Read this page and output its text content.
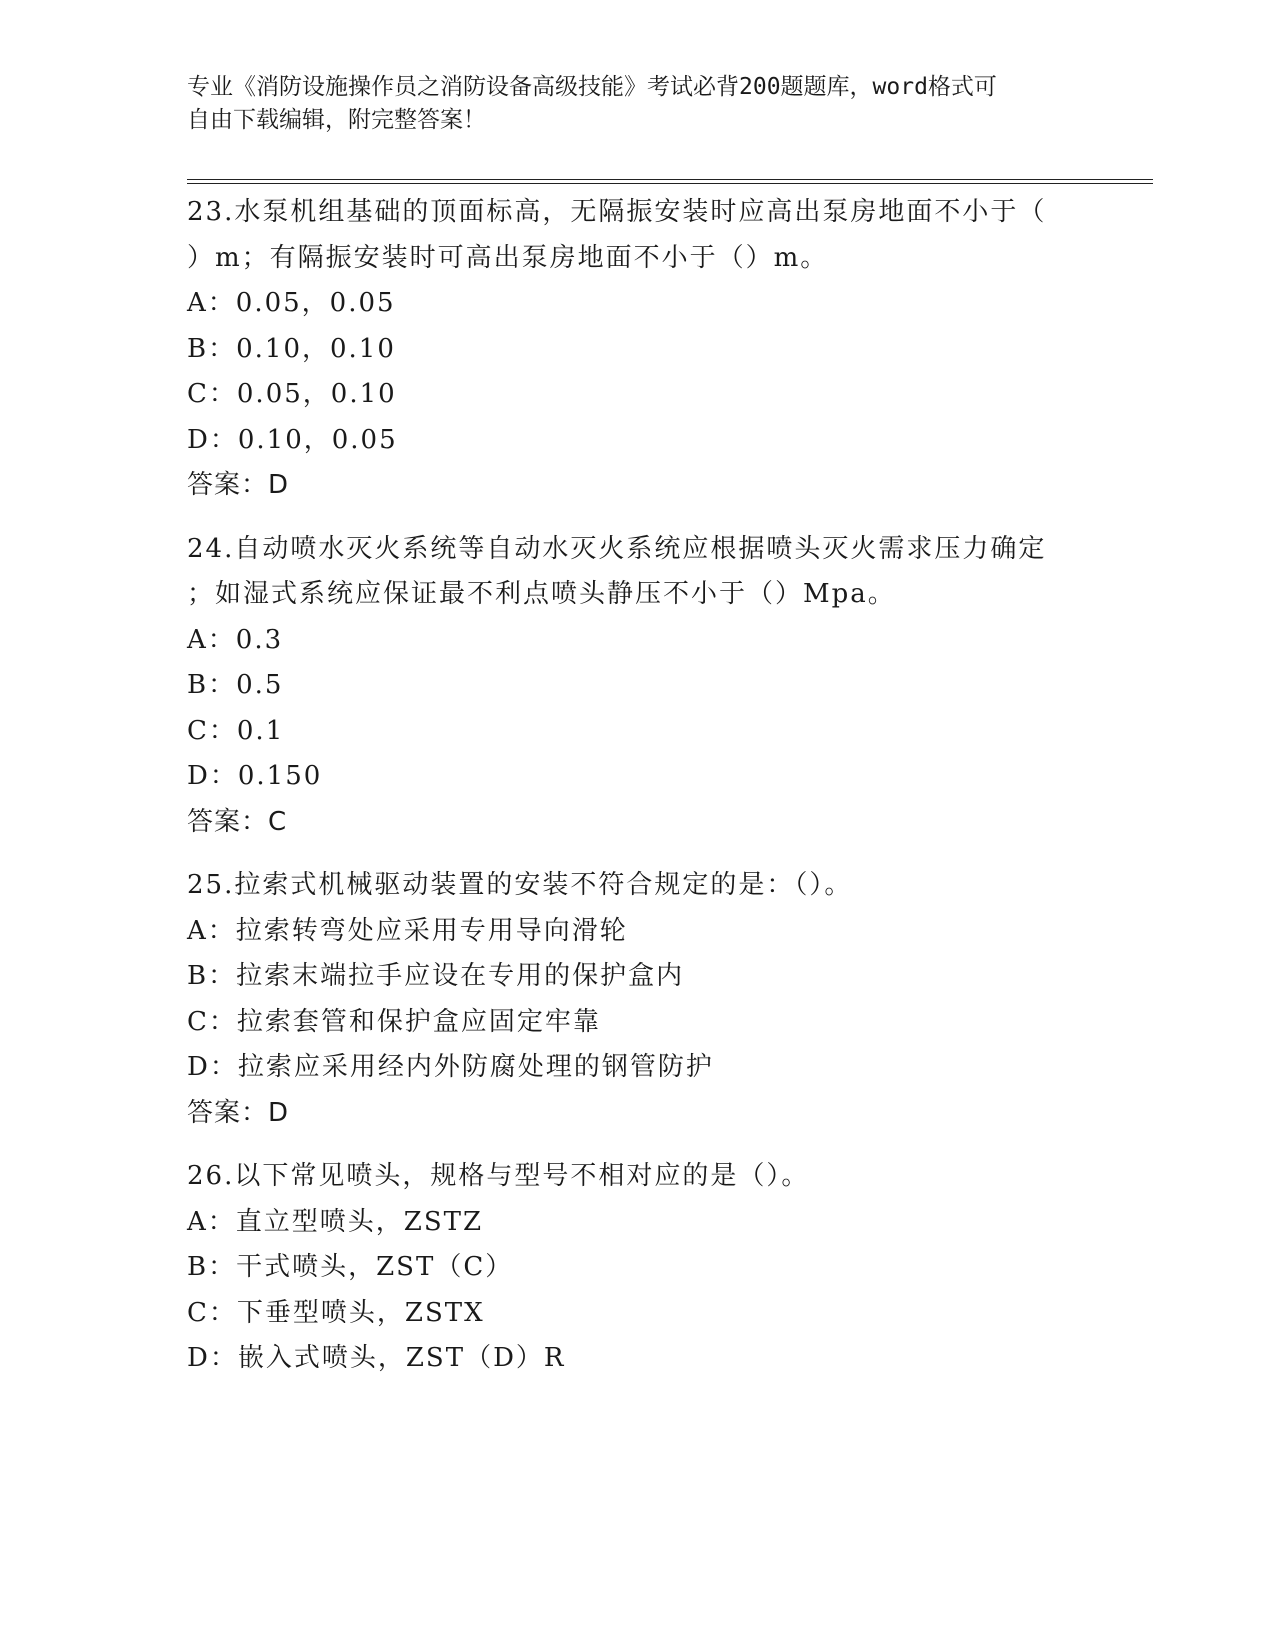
专业《消防设施操作员之消防设备高级技能》考试必背200题题库，word格式可
自由下载编辑，附完整答案！
23.水泵机组基础的顶面标高，无隔振安装时应高出泵房地面不小于（
）m；有隔振安装时可高出泵房地面不小于（）m。
A：0.05，0.05
B：0.10，0.10
C：0.05，0.10
D：0.10，0.05
答案：D
24.自动喷水灭火系统等自动水灭火系统应根据喷头灭火需求压力确定
；如湿式系统应保证最不利点喷头静压不小于（）Mpa。
A：0.3
B：0.5
C：0.1
D：0.150
答案：C
25.拉索式机械驱动装置的安装不符合规定的是：（）。
A：拉索转弯处应采用专用导向滑轮
B：拉索末端拉手应设在专用的保护盒内
C：拉索套管和保护盒应固定牢靠
D：拉索应采用经内外防腐处理的钢管防护
答案：D
26.以下常见喷头，规格与型号不相对应的是（）。
A：直立型喷头，ZSTZ
B：干式喷头，ZST（C）
C：下垂型喷头，ZSTX
D：嵌入式喷头，ZST（D）R
